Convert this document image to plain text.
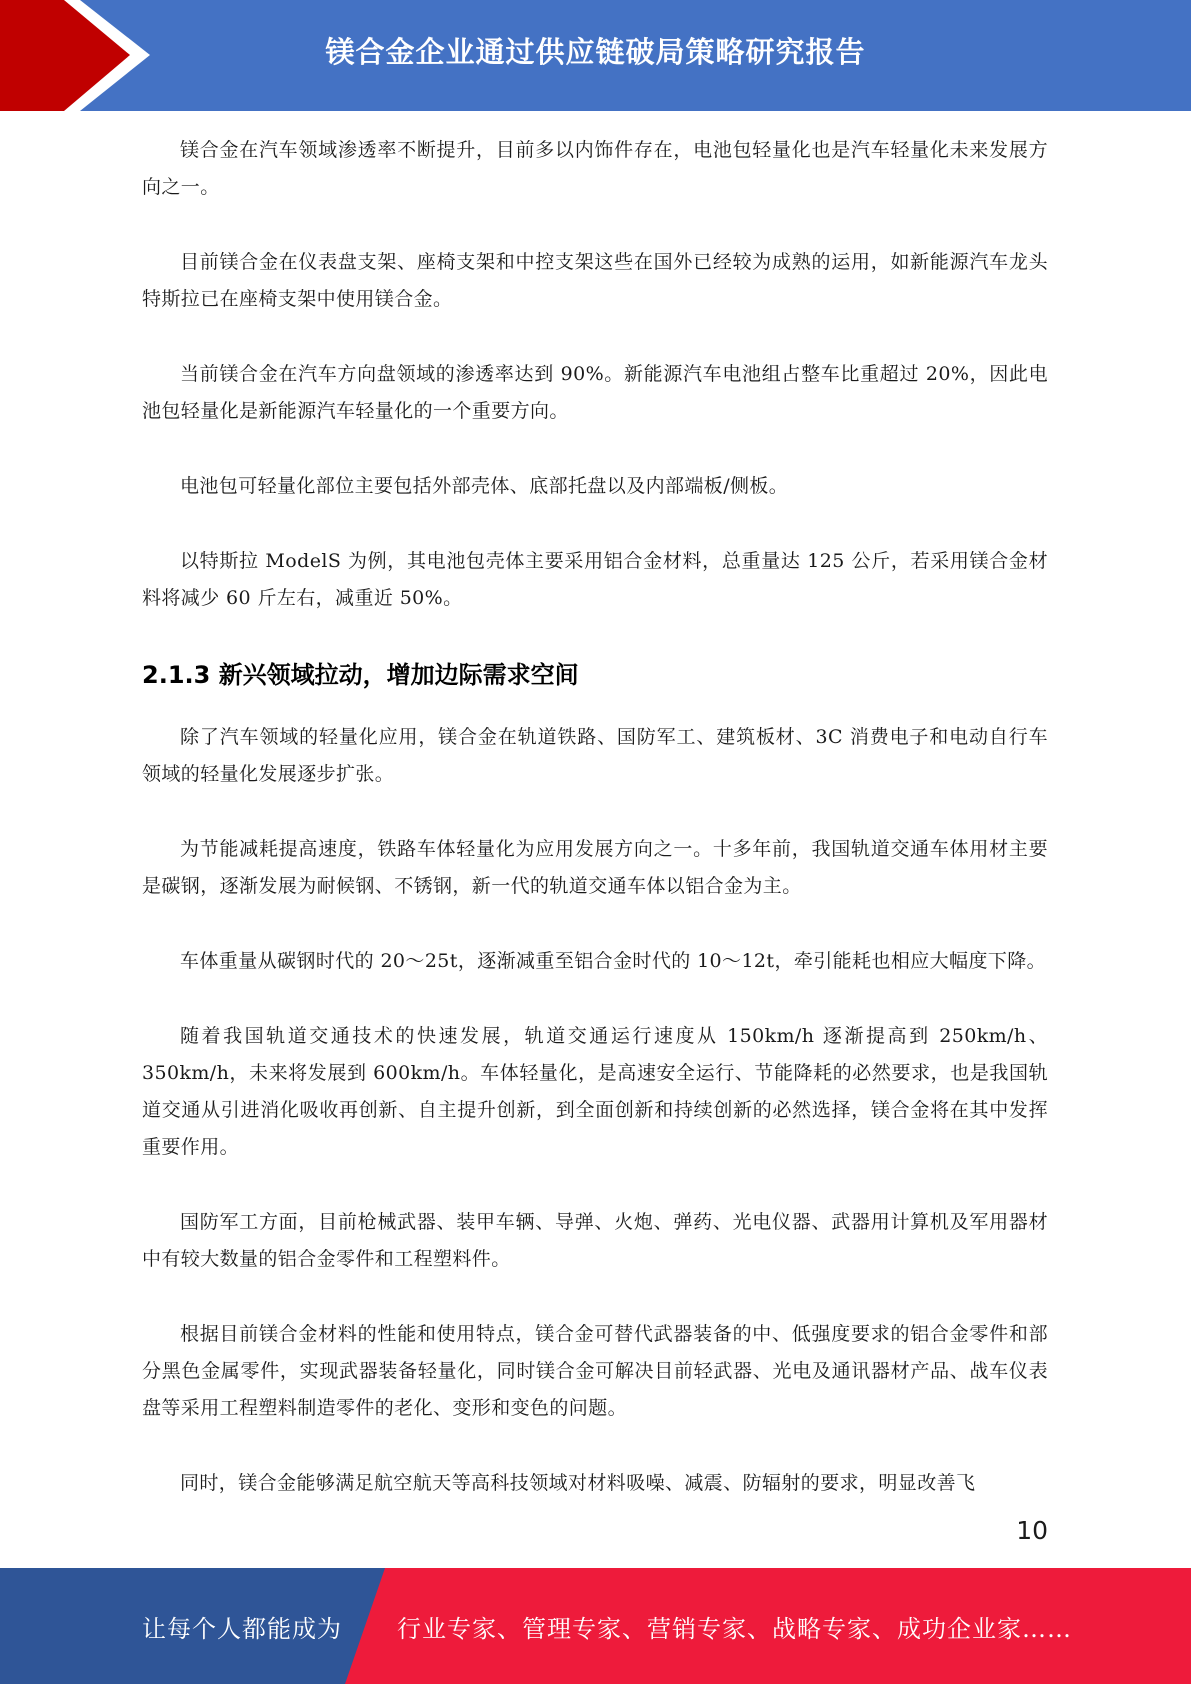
镁合金企业通过供应链破局策略研究报告

镁合金在汽车领域渗透率不断提升，目前多以内饰件存在，电池包轻量化也是汽车轻量化未来发展方向之一。

目前镁合金在仪表盘支架、座椅支架和中控支架这些在国外已经较为成熟的运用，如新能源汽车龙头特斯拉已在座椅支架中使用镁合金。

当前镁合金在汽车方向盘领域的渗透率达到 90%。新能源汽车电池组占整车比重超过 20%，因此电池包轻量化是新能源汽车轻量化的一个重要方向。

电池包可轻量化部位主要包括外部壳体、底部托盘以及内部端板/侧板。

以特斯拉 ModelS 为例，其电池包壳体主要采用铝合金材料，总重量达 125 公斤，若采用镁合金材料将减少 60 斤左右，减重近 50%。

2.1.3 新兴领域拉动，增加边际需求空间

除了汽车领域的轻量化应用，镁合金在轨道铁路、国防军工、建筑板材、3C 消费电子和电动自行车领域的轻量化发展逐步扩张。

为节能减耗提高速度，铁路车体轻量化为应用发展方向之一。十多年前，我国轨道交通车体用材主要是碳钢，逐渐发展为耐候钢、不锈钢，新一代的轨道交通车体以铝合金为主。

车体重量从碳钢时代的 20～25t，逐渐减重至铝合金时代的 10～12t，牵引能耗也相应大幅度下降。

随着我国轨道交通技术的快速发展，轨道交通运行速度从 150km/h 逐渐提高到 250km/h、350km/h，未来将发展到 600km/h。车体轻量化，是高速安全运行、节能降耗的必然要求，也是我国轨道交通从引进消化吸收再创新、自主提升创新，到全面创新和持续创新的必然选择，镁合金将在其中发挥重要作用。

国防军工方面，目前枪械武器、装甲车辆、导弹、火炮、弹药、光电仪器、武器用计算机及军用器材中有较大数量的铝合金零件和工程塑料件。

根据目前镁合金材料的性能和使用特点，镁合金可替代武器装备的中、低强度要求的铝合金零件和部分黑色金属零件，实现武器装备轻量化，同时镁合金可解决目前轻武器、光电及通讯器材产品、战车仪表盘等采用工程塑料制造零件的老化、变形和变色的问题。

同时，镁合金能够满足航空航天等高科技领域对材料吸噪、减震、防辐射的要求，明显改善飞

10
让每个人都能成为 行业专家、管理专家、营销专家、战略专家、成功企业家……
